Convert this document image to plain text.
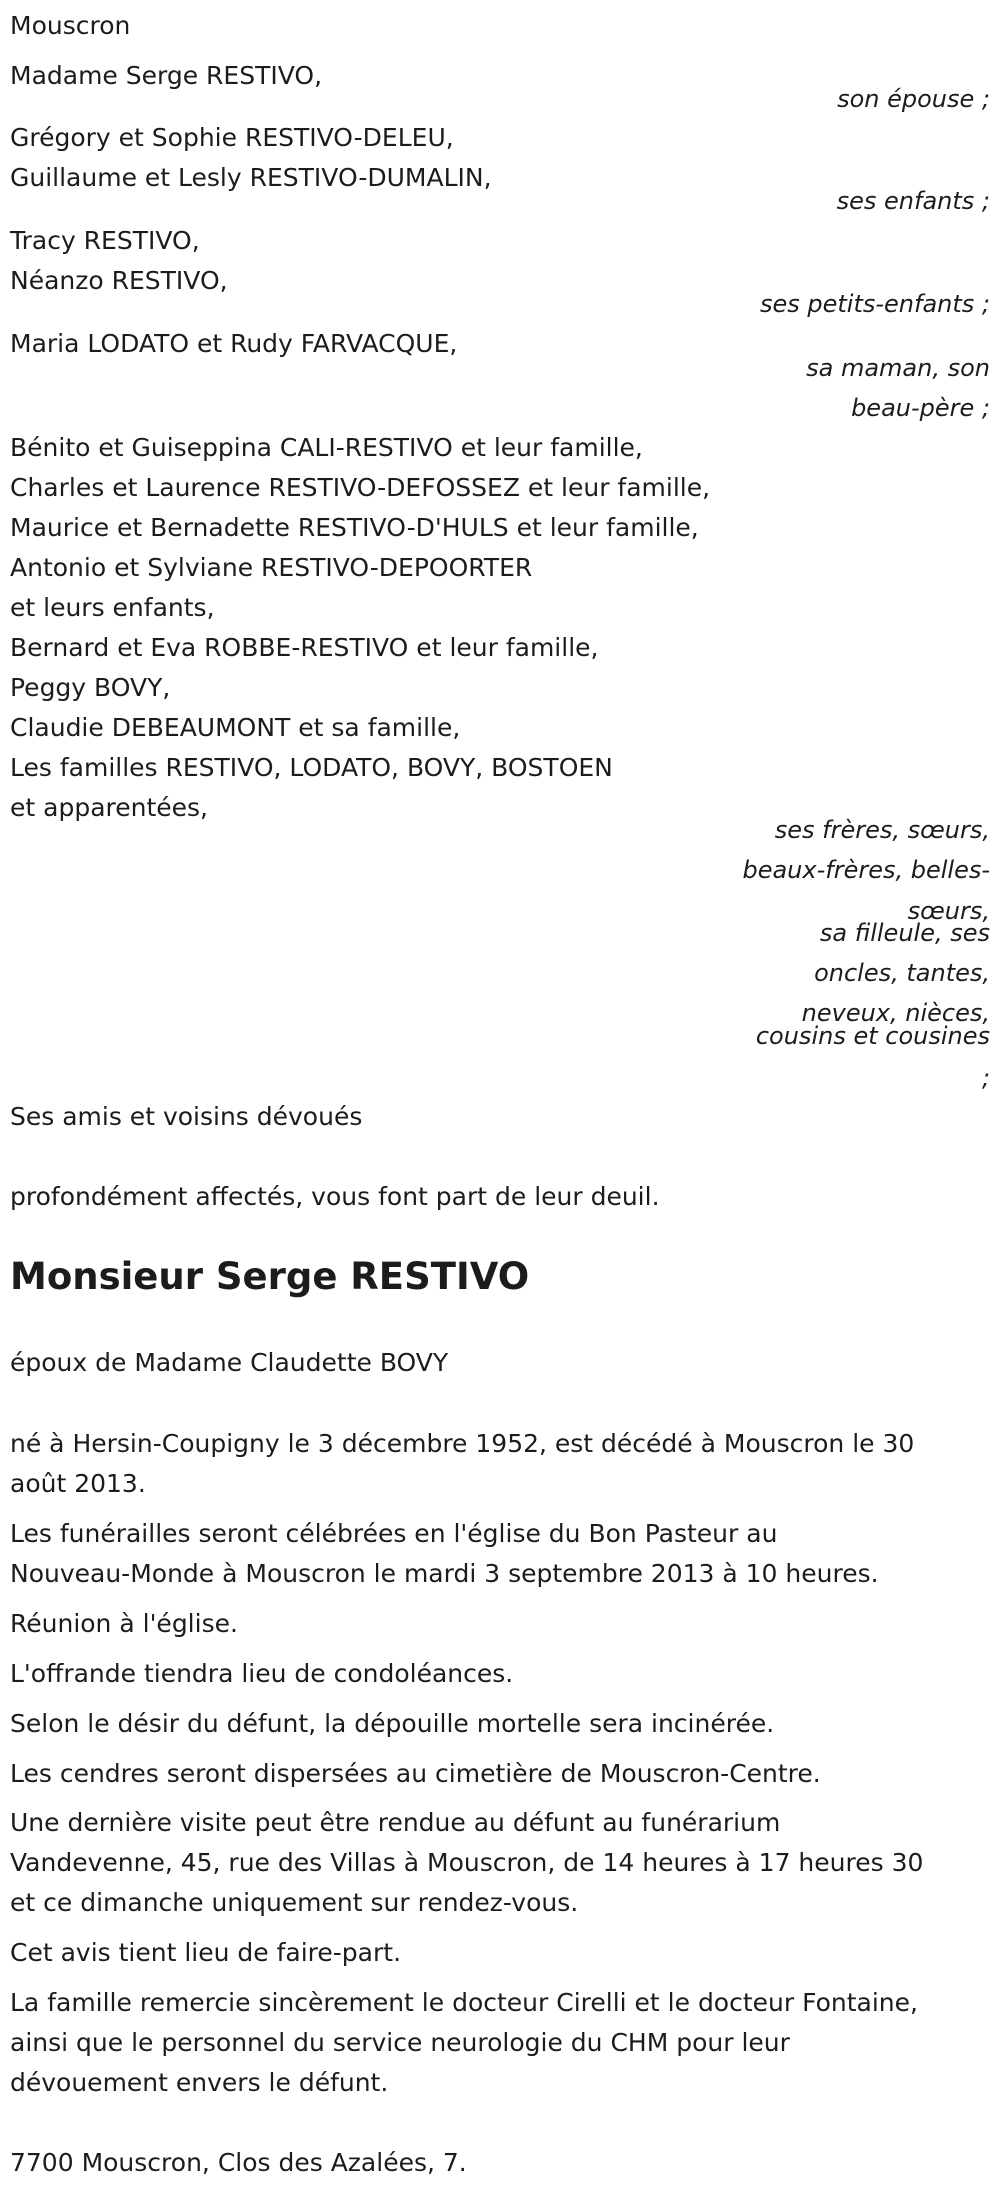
Mouscron
Madame Serge RESTIVO,
son épouse ;
Grégory et Sophie RESTIVO-DELEU,
Guillaume et Lesly RESTIVO-DUMALIN,
ses enfants ;
Tracy RESTIVO,
Néanzo RESTIVO,
ses petits-enfants ;
Maria LODATO et Rudy FARVACQUE,
sa maman, son
beau-père ;
Bénito et Guiseppina CALI-RESTIVO et leur famille,
Charles et Laurence RESTIVO-DEFOSSEZ et leur famille,
Maurice et Bernadette RESTIVO-D'HULS et leur famille,
Antonio et Sylviane RESTIVO-DEPOORTER
et leurs enfants,
Bernard et Eva ROBBE-RESTIVO et leur famille,
Peggy BOVY,
Claudie DEBEAUMONT et sa famille,
Les familles RESTIVO, LODATO, BOVY, BOSTOEN
et apparentées,
ses frères, sœurs,
beaux-frères, belles-
sœurs,
sa filleule, ses
oncles, tantes,
neveux, nièces,
cousins et cousines
;
Ses amis et voisins dévoués
profondément affectés, vous font part de leur deuil.
Monsieur Serge RESTIVO
époux de Madame Claudette BOVY
né à Hersin-Coupigny le 3 décembre 1952, est décédé à Mouscron le 30
août 2013.
Les funérailles seront célébrées en l'église du Bon Pasteur au
Nouveau-Monde à Mouscron le mardi 3 septembre 2013 à 10 heures.
Réunion à l'église.
L'offrande tiendra lieu de condoléances.
Selon le désir du défunt, la dépouille mortelle sera incinérée.
Les cendres seront dispersées au cimetière de Mouscron-Centre.
Une dernière visite peut être rendue au défunt au funérarium
Vandevenne, 45, rue des Villas à Mouscron, de 14 heures à 17 heures 30
et ce dimanche uniquement sur rendez-vous.
Cet avis tient lieu de faire-part.
La famille remercie sincèrement le docteur Cirelli et le docteur Fontaine,
ainsi que le personnel du service neurologie du CHM pour leur
dévouement envers le défunt.
7700 Mouscron, Clos des Azalées, 7.
